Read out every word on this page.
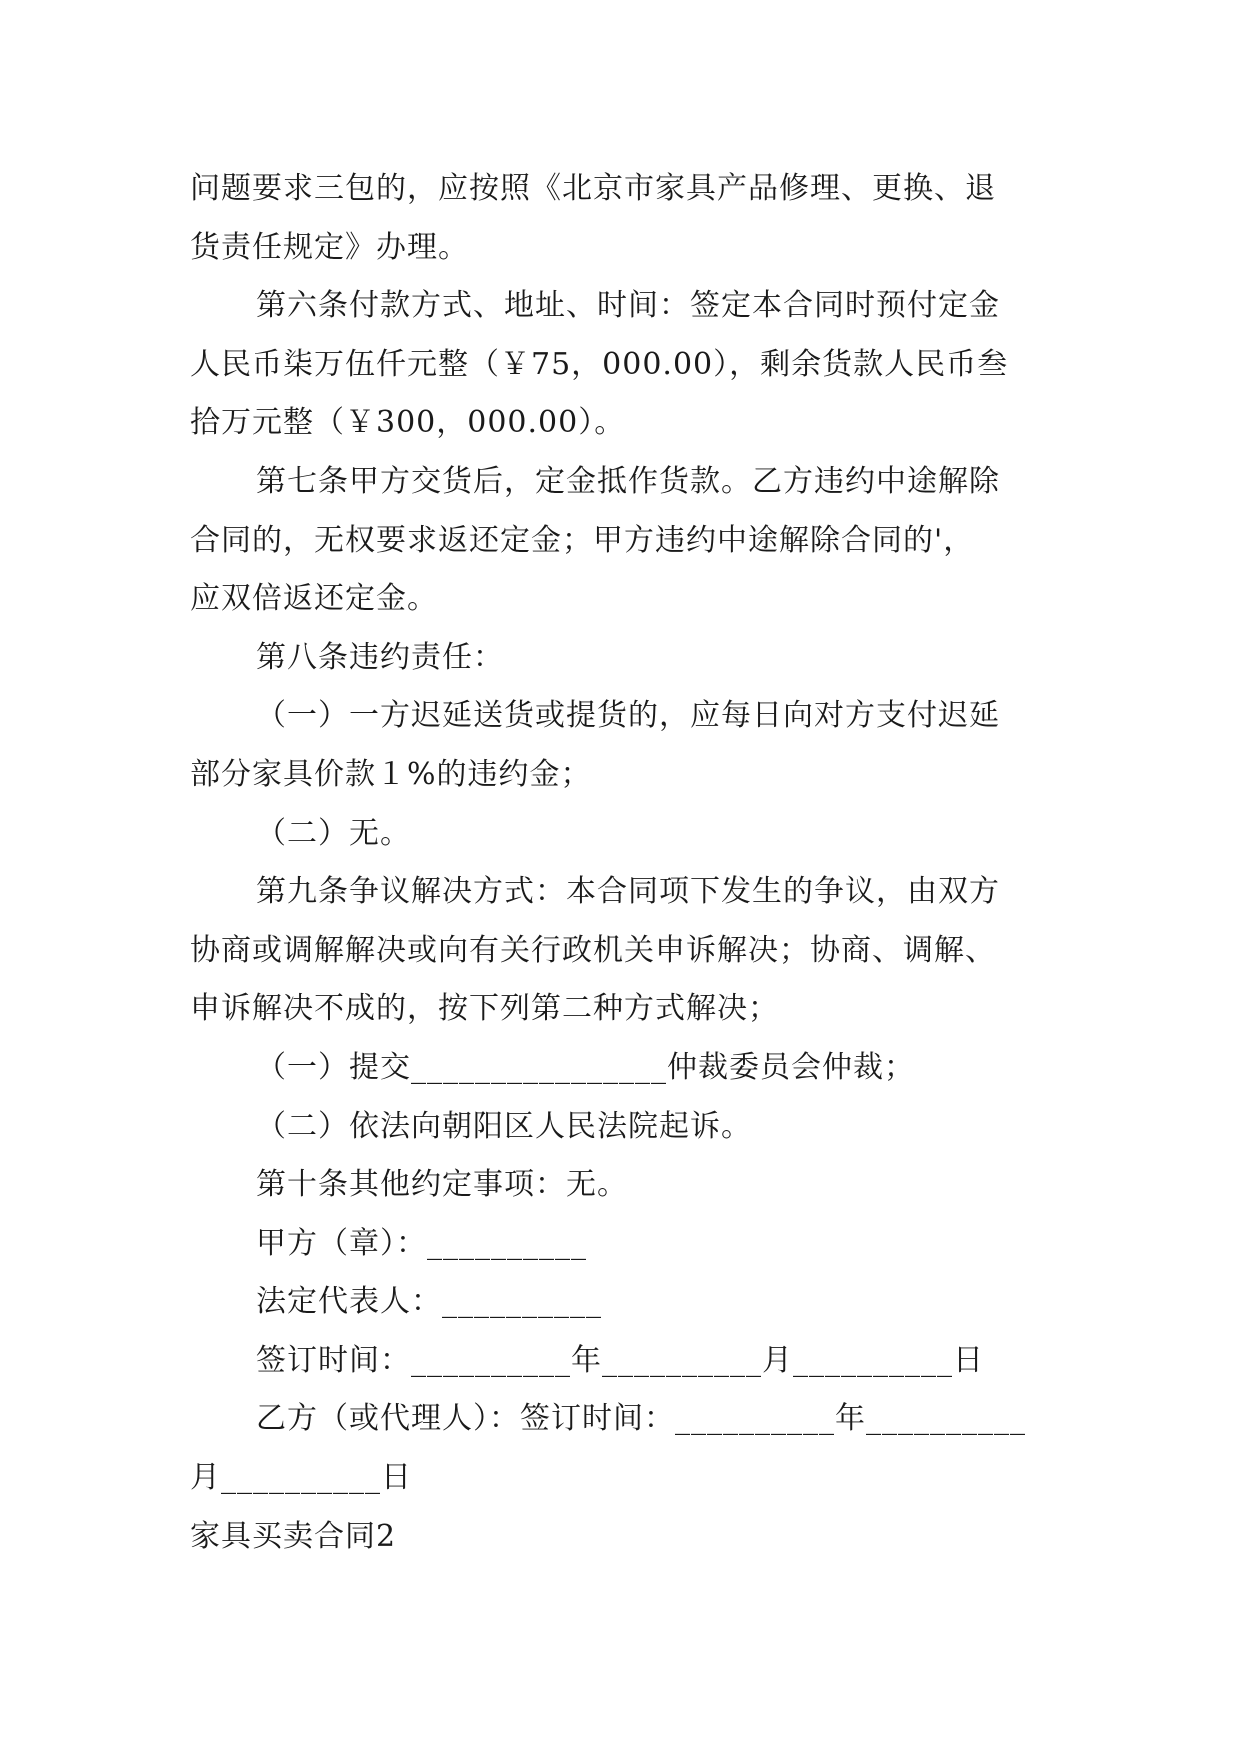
问题要求三包的，应按照《北京市家具产品修理、更换、退
货责任规定》办理。
第六条付款方式、地址、时间：签定本合同时预付定金
人民币柒万伍仟元整（￥75，000.00），剩余货款人民币叁
拾万元整（￥300，000.00）。
第七条甲方交货后，定金抵作货款。乙方违约中途解除
合同的，无权要求返还定金；甲方违约中途解除合同的'，
应双倍返还定金。
第八条违约责任：
（一）一方迟延送货或提货的，应每日向对方支付迟延
部分家具价款１%的违约金；
（二）无。
第九条争议解决方式：本合同项下发生的争议，由双方
协商或调解解决或向有关行政机关申诉解决；协商、调解、
申诉解决不成的，按下列第二种方式解决；
（一）提交________________仲裁委员会仲裁；
（二）依法向朝阳区人民法院起诉。
第十条其他约定事项：无。
甲方（章）：__________
法定代表人：__________
签订时间：__________年__________月__________日
乙方（或代理人）：签订时间：__________年__________
月__________日
家具买卖合同2
